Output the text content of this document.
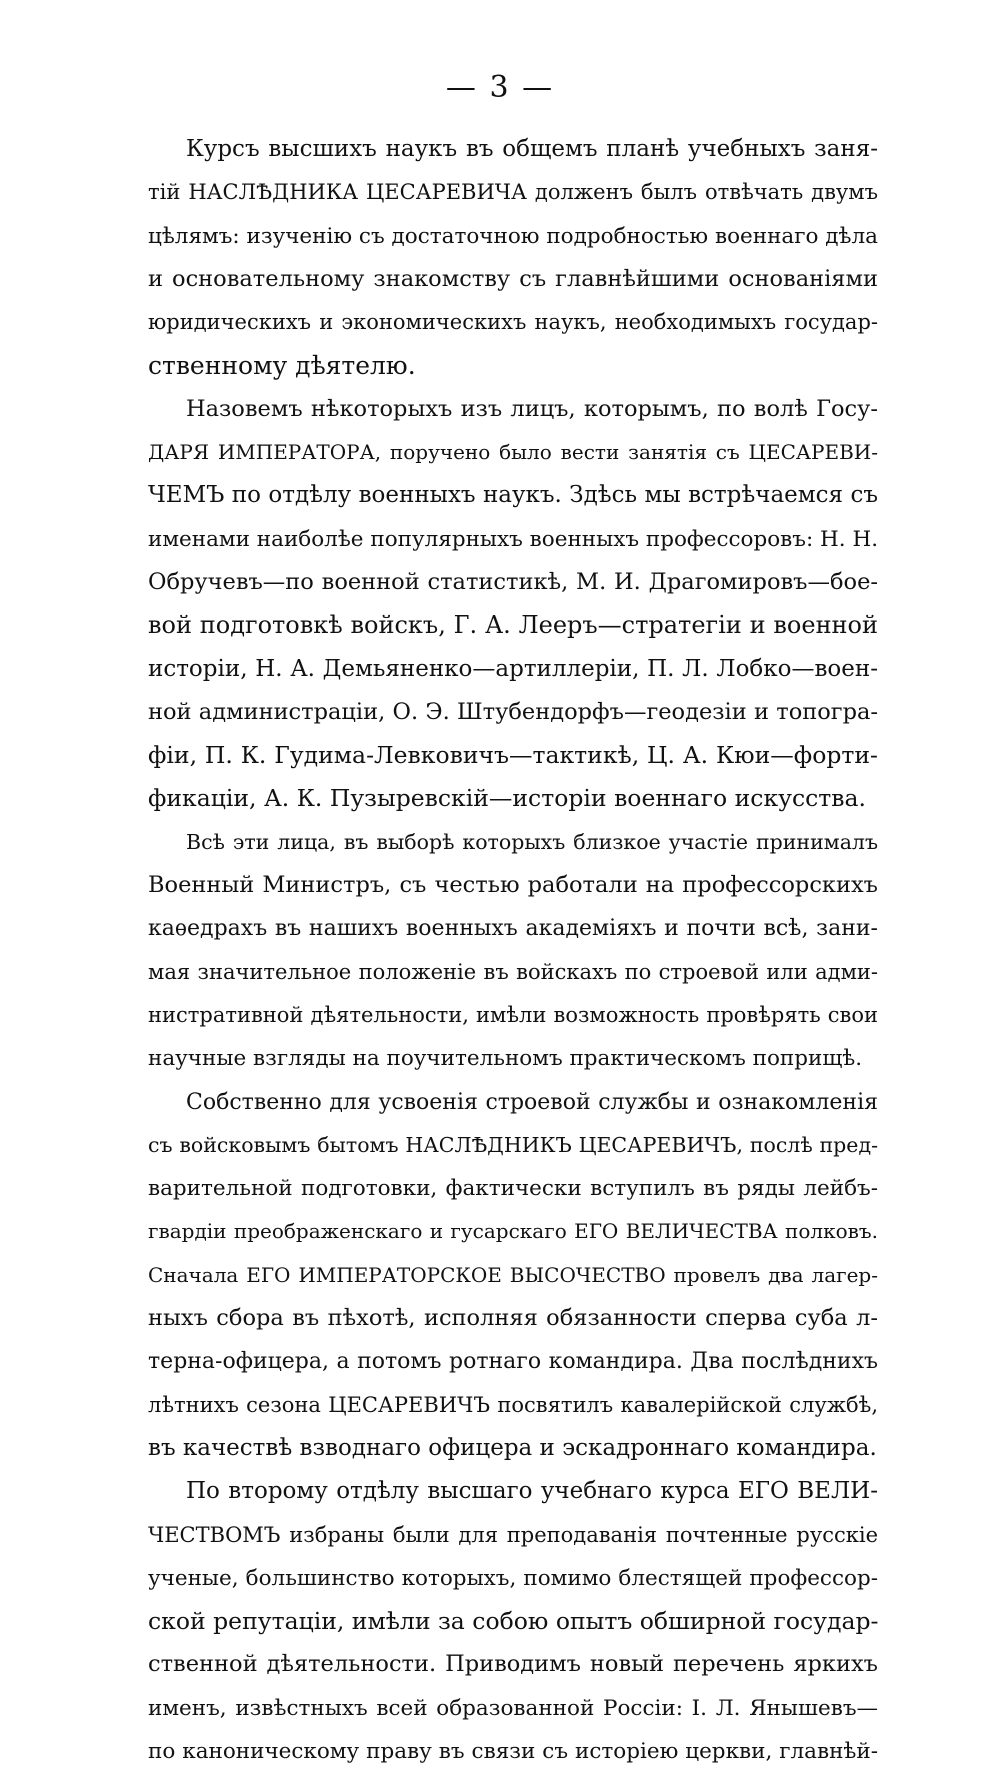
— 3 —
Курсъ высшихъ наукъ въ общемъ планѣ учебныхъ заня-
тій НАСЛѢДНИКА ЦЕСАРЕВИЧА долженъ былъ отвѣчать двумъ
цѣлямъ: изученію съ достаточною подробностью военнаго дѣла
и основательному знакомству съ главнѣйшими основаніями
юридическихъ и экономическихъ наукъ, необходимыхъ государ-
ственному дѣятелю.
Назовемъ нѣкоторыхъ изъ лицъ, которымъ, по волѣ Госу-
ДАРЯ ИМПЕРАТОРА, поручено было вести занятія съ ЦЕСАРЕВИ-
ЧЕМЪ по отдѣлу военныхъ наукъ. Здѣсь мы встрѣчаемся съ
именами наиболѣе популярныхъ военныхъ профессоровъ: Н. Н.
Обручевъ—по военной статистикѣ, М. И. Драгомировъ—бое-
вой подготовкѣ войскъ, Г. А. Лееръ—стратегіи и военной
исторіи, Н. А. Демьяненко—артиллеріи, П. Л. Лобко—воен-
ной администраціи, О. Э. Штубендорфъ—геодезіи и топогра-
фіи, П. К. Гудима-Левковичъ—тактикѣ, Ц. А. Кюи—форти-
фикаціи, А. К. Пузыревскій—исторіи военнаго искусства.
Всѣ эти лица, въ выборѣ которыхъ близкое участіе принималъ
Военный Министръ, съ честью работали на профессорскихъ
каѳедрахъ въ нашихъ военныхъ академіяхъ и почти всѣ, зани-
мая значительное положеніе въ войскахъ по строевой или адми-
нистративной дѣятельности, имѣли возможность провѣрять свои
научные взгляды на поучительномъ практическомъ поприщѣ.
Собственно для усвоенія строевой службы и ознакомленія
съ войсковымъ бытомъ НАСЛѢДНИКЪ ЦЕСАРЕВИЧЪ, послѣ пред-
варительной подготовки, фактически вступилъ въ ряды лейбъ-
гвардіи преображенскаго и гусарскаго ЕГО ВЕЛИЧЕСТВА полковъ.
Сначала ЕГО ИМПЕРАТОРСКОЕ ВЫСОЧЕСТВО провелъ два лагер-
ныхъ сбора въ пѣхотѣ, исполняя обязанности сперва суба л-
терна-офицера, а потомъ ротнаго командира. Два послѣднихъ
лѣтнихъ сезона ЦЕСАРЕВИЧЪ посвятилъ кавалерійской службѣ,
въ качествѣ взводнаго офицера и эскадроннаго командира.
По второму отдѣлу высшаго учебнаго курса ЕГО ВЕЛИ-
ЧЕСТВОМЪ избраны были для преподаванія почтенные русскіе
ученые, большинство которыхъ, помимо блестящей профессор-
ской репутаціи, имѣли за собою опытъ обширной государ-
ственной дѣятельности. Приводимъ новый перечень яркихъ
именъ, извѣстныхъ всей образованной Россіи: І. Л. Янышевъ—
по каноническому праву въ связи съ исторіею церкви, главнѣй-
